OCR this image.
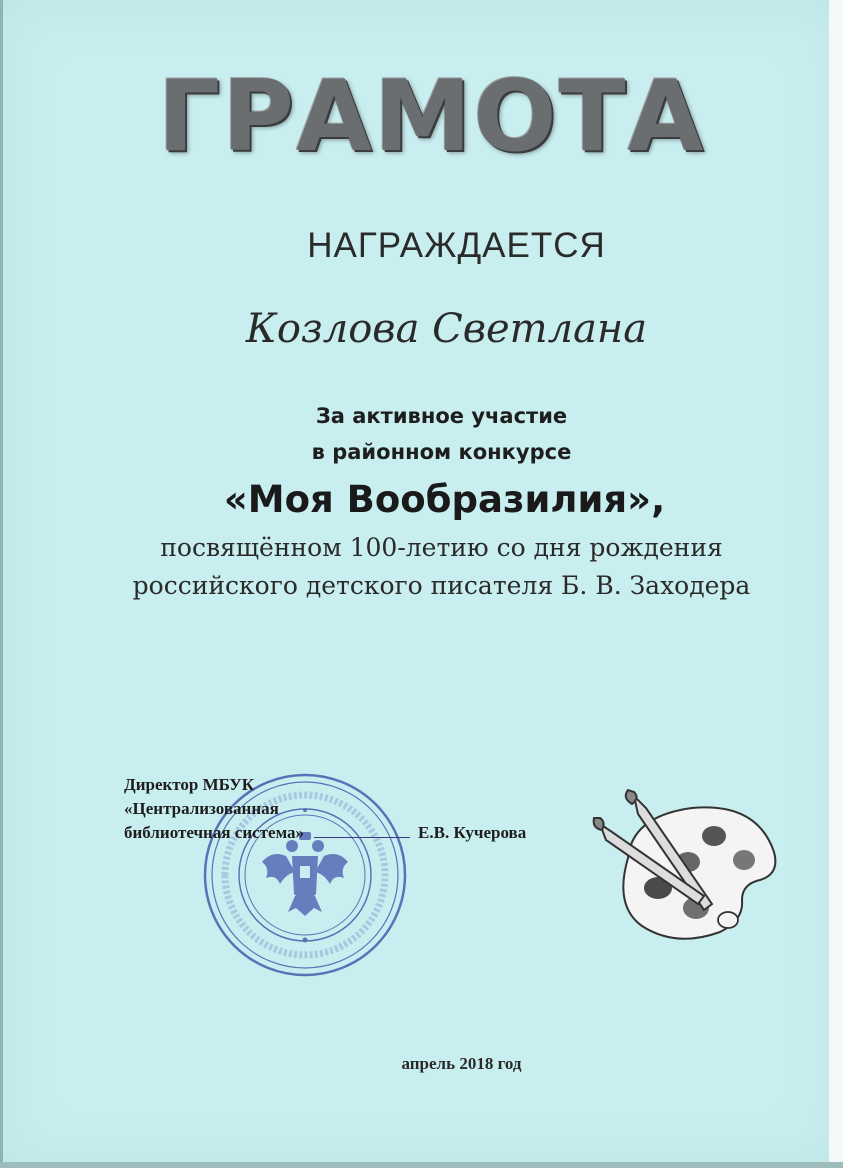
ГРАМОТА
НАГРАЖДАЕТСЯ
Козлова Светлана
За активное участие
в районном конкурсе
«Моя Вообразилия»,
посвящённом 100-летию со дня рождения
российского детского писателя Б. В. Заходера
Директор МБУК
«Централизованная
библиотечная система»	Е.В. Кучерова
апрель 2018 год
